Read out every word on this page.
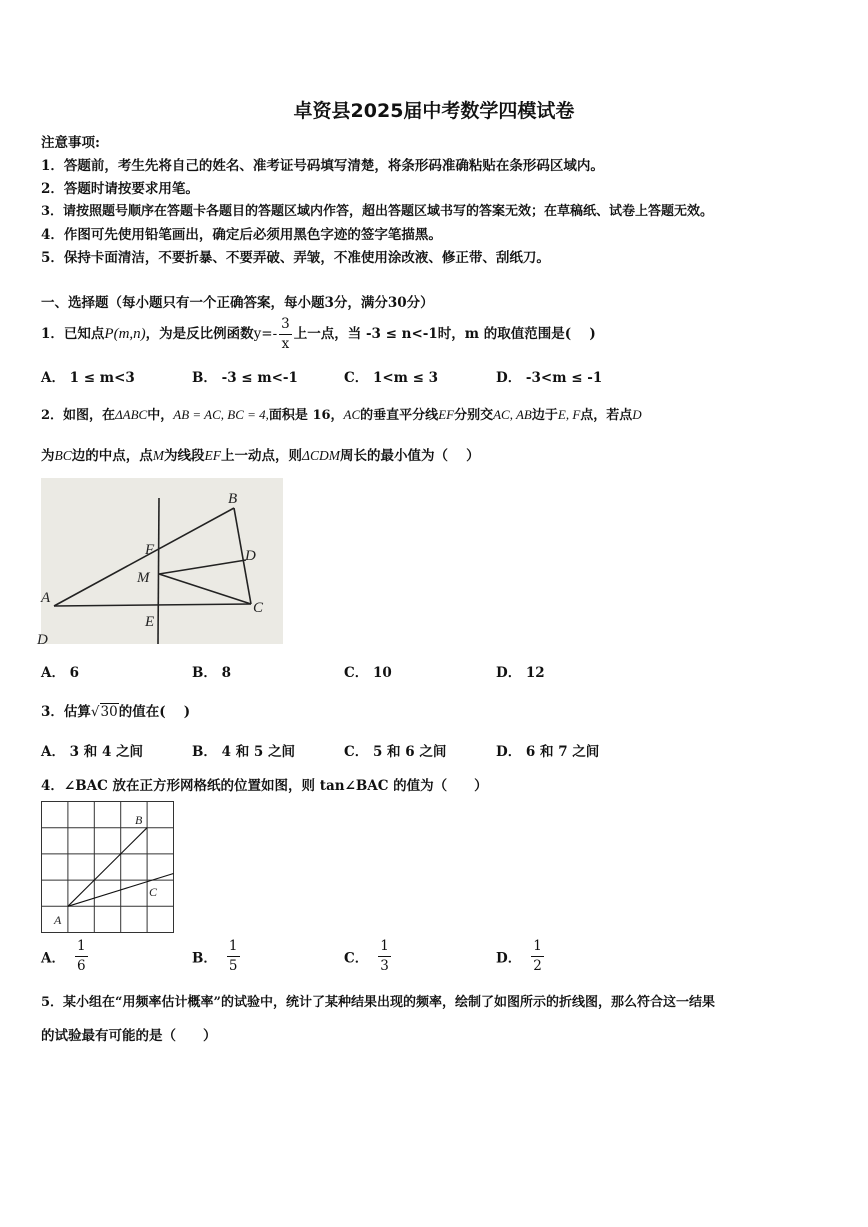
卓资县2025届中考数学四模试卷
注意事项:
1．答题前，考生先将自己的姓名、准考证号码填写清楚，将条形码准确粘贴在条形码区域内。
2．答题时请按要求用笔。
3．请按照题号顺序在答题卡各题目的答题区域内作答，超出答题区域书写的答案无效；在草稿纸、试卷上答题无效。
4．作图可先使用铅笔画出，确定后必须用黑色字迹的签字笔描黑。
5．保持卡面清洁，不要折暴、不要弄破、弄皱，不准使用涂改液、修正带、刮纸刀。
一、选择题（每小题只有一个正确答案，每小题3分，满分30分）
1．已知点P(m,n)，为是反比例函数$y=- \frac{3}{x}$ 上一点，当 -3 ≤ n<-1时，m 的取值范围是(　 )
A． 1 ≤ m<3	B． -3 ≤ m<-1	C． 1<m ≤ 3	D． -3<m ≤ -1
2．如图，在ΔABC中，AB = AC, BC = 4,面积是 16，AC的垂直平分线EF分别交AC, AB边于E, F点，若点D
为BC边的中点，点M为线段EF上一动点，则ΔCDM周长的最小值为（　 ）
B
F	D
M
A
E
C
D
A． 6	B． 8	C． 10	D． 12
3．估算√30的值在(　 )
A． 3 和 4 之间	B． 4 和 5 之间	C． 5 和 6 之间	D． 6 和 7 之间
4．∠BAC 放在正方形网格纸的位置如图，则 tan∠BAC 的值为（　　）
B
C
A
A． $\frac{1}{6}$	B． $\frac{1}{5}$	C． $\frac{1}{3}$	D． $\frac{1}{2}$
5．某小组在“用频率估计概率”的试验中，统计了某种结果出现的频率，绘制了如图所示的折线图，那么符合这一结果
的试验最有可能的是（　　）
